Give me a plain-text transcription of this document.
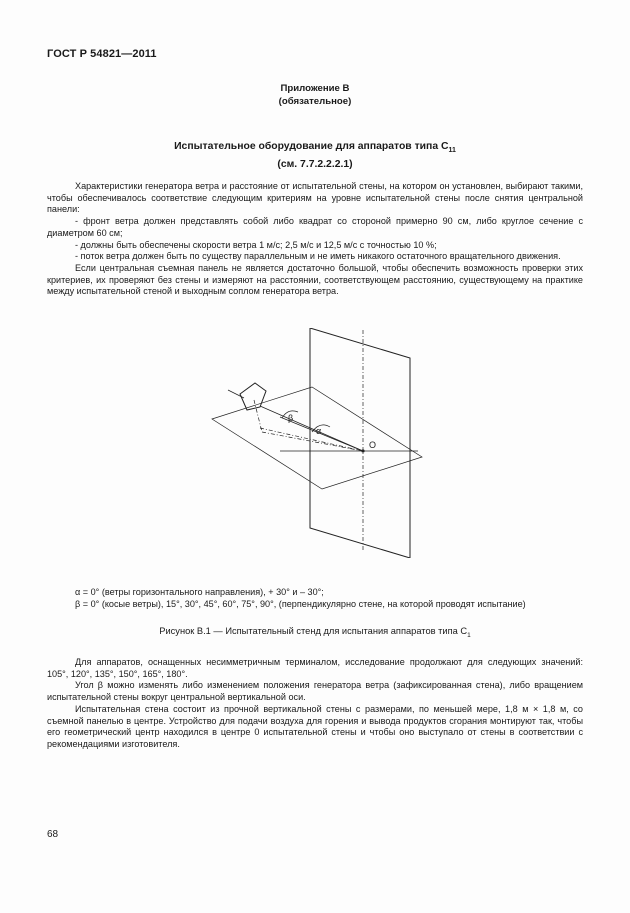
ГОСТ Р 54821—2011
Приложение В
(обязательное)
Испытательное оборудование для аппаратов типа $С_{11}$
(см. 7.7.2.2.2.1)

Характеристики генератора ветра и расстояние от испытательной стены, на котором он установлен, выбирают такими, чтобы обеспечивалось соответствие следующим критериям на уровне испытательной стены после снятия центральной панели:

- фронт ветра должен представлять собой либо квадрат со стороной примерно 90 см, либо круглое сечение с диаметром 60 см;

- должны быть обеспечены скорости ветра 1 м/с; 2,5 м/с и 12,5 м/с с точностью 10 %;

- поток ветра должен быть по существу параллельным и не иметь никакого остаточного вращательного движения.

Если центральная съемная панель не является достаточно большой, чтобы обеспечить возможность проверки этих критериев, их проверяют без стены и измеряют на расстоянии, соответствующем расстоянию, существующему на практике между испытательной стеной и выходным соплом генератора ветра.

β
α
O

α = 0° (ветры горизонтального направления), + 30° и – 30°;

β = 0° (косые ветры), 15°, 30°, 45°, 60°, 75°, 90°, (перпендикулярно стене, на которой проводят испытание)

Рисунок В.1 — Испытательный стенд для испытания аппаратов типа $С_1$

Для аппаратов, оснащенных несимметричным терминалом, исследование продолжают для следующих значений: 105°, 120°, 135°, 150°, 165°, 180°.

Угол β можно изменять либо изменением положения генератора ветра (зафиксированная стена), либо вращением испытательной стены вокруг центральной вертикальной оси.

Испытательная стена состоит из прочной вертикальной стены с размерами, по меньшей мере, 1,8 м × 1,8 м, со съемной панелью в центре. Устройство для подачи воздуха для горения и вывода продуктов сгорания монтируют так, чтобы его геометрический центр находился в центре 0 испытательной стены и чтобы оно выступало от стены в соответствии с рекомендациями изготовителя.

68
